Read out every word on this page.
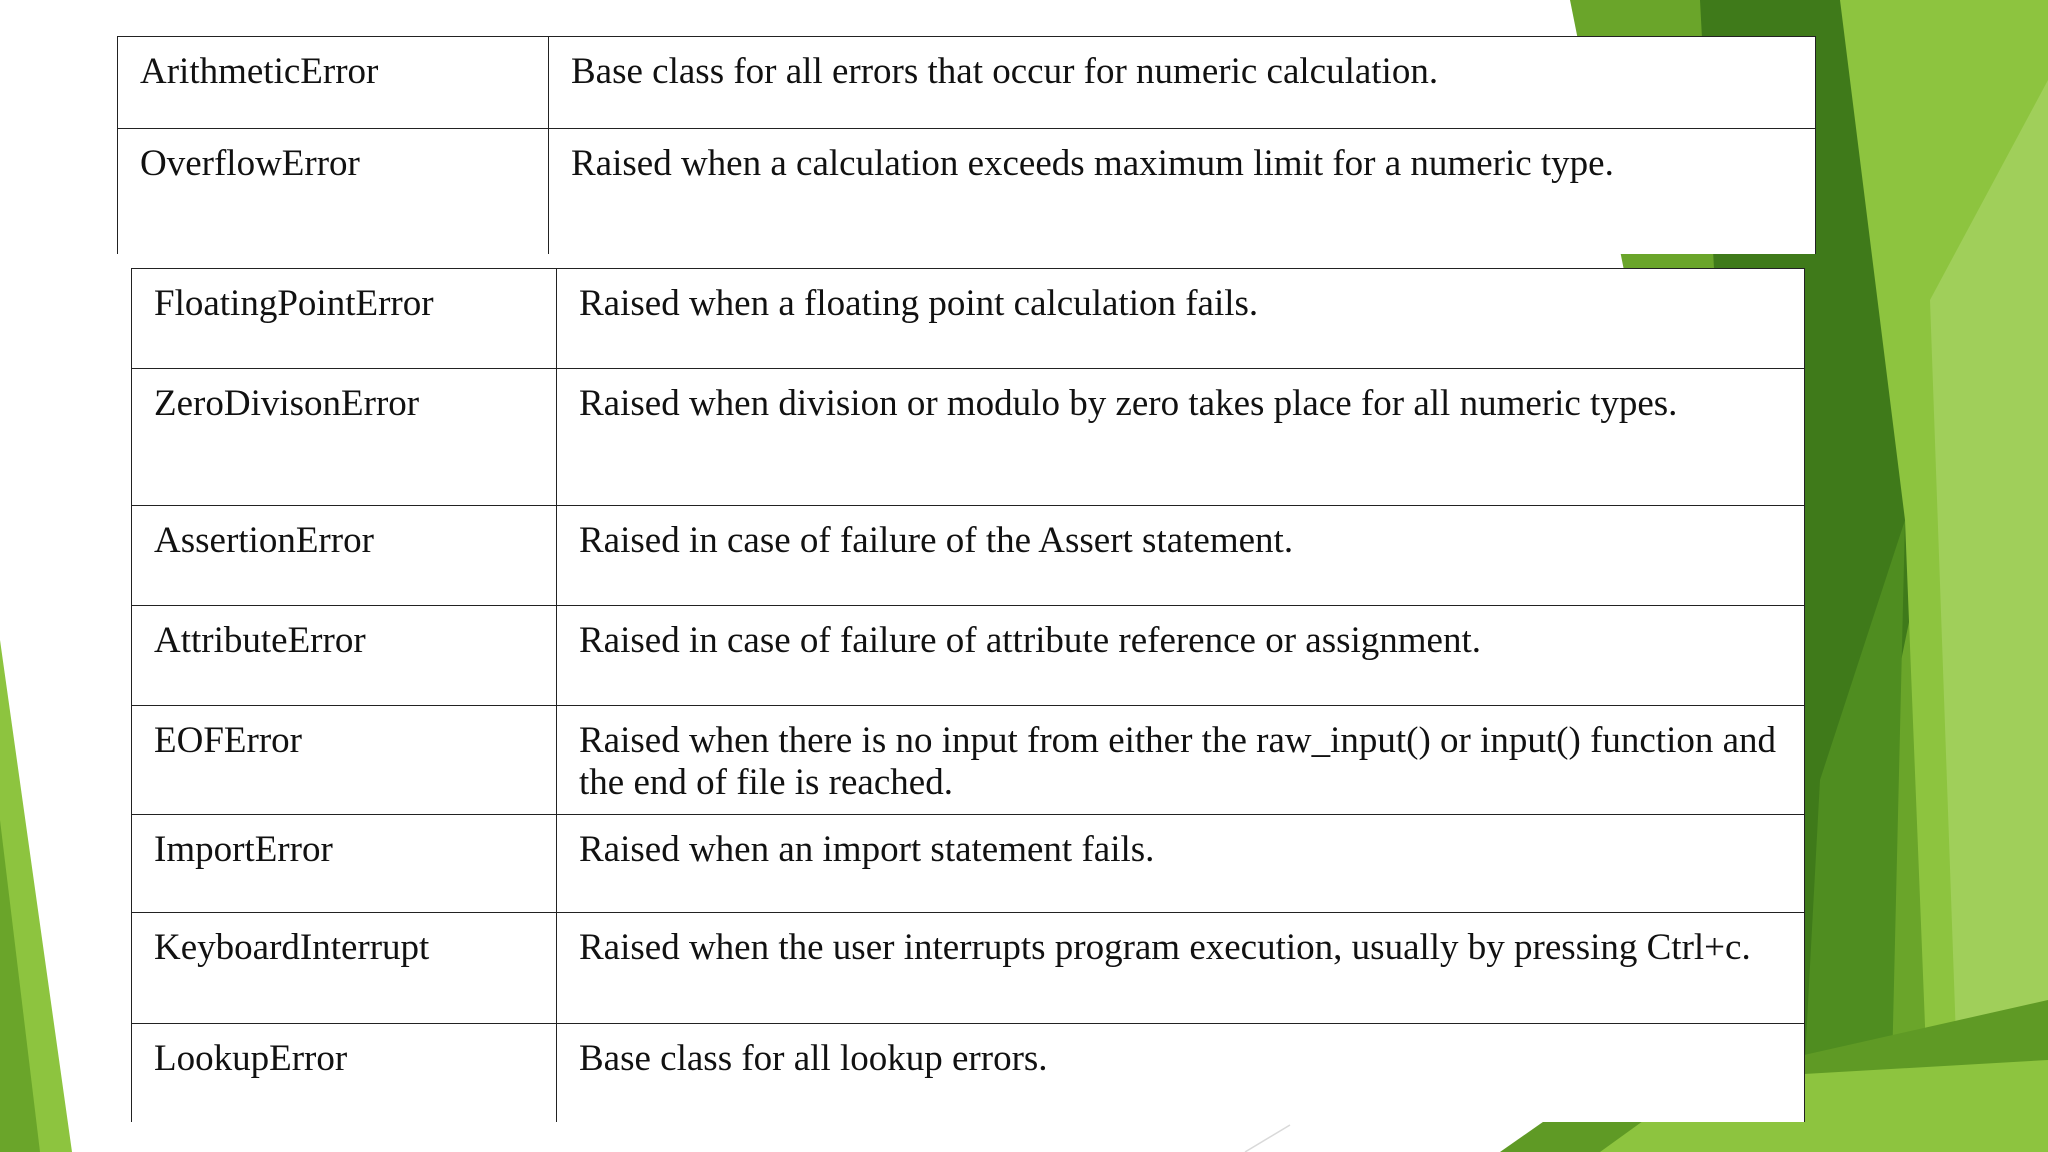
ArithmeticError	Base class for all errors that occur for numeric calculation.
OverflowError	Raised when a calculation exceeds maximum limit for a numeric type.
FloatingPointError	Raised when a floating point calculation fails.
ZeroDivisonError	Raised when division or modulo by zero takes place for all numeric types.
AssertionError	Raised in case of failure of the Assert statement.
AttributeError	Raised in case of failure of attribute reference or assignment.
EOFError	Raised when there is no input from either the raw_input() or input() function and the end of file is reached.
ImportError	Raised when an import statement fails.
KeyboardInterrupt	Raised when the user interrupts program execution, usually by pressing Ctrl+c.
LookupError	Base class for all lookup errors.
